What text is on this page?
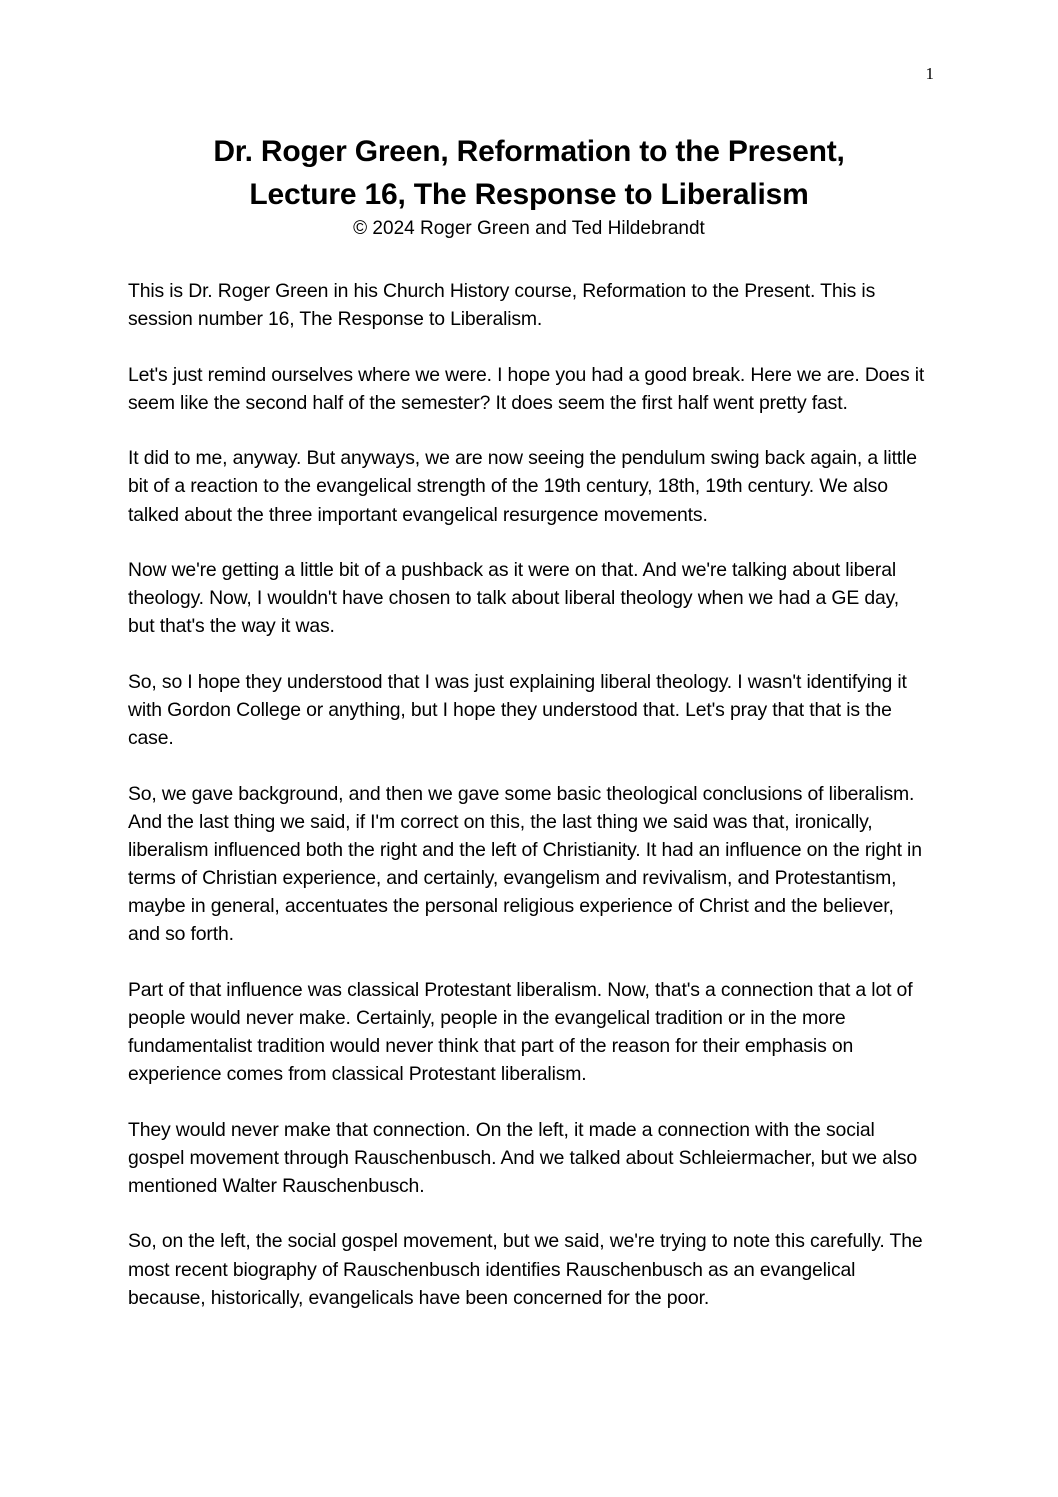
1
Dr. Roger Green, Reformation to the Present,
Lecture 16, The Response to Liberalism
© 2024 Roger Green and Ted Hildebrandt

This is Dr. Roger Green in his Church History course, Reformation to the Present. This is session number 16, The Response to Liberalism.

Let's just remind ourselves where we were. I hope you had a good break. Here we are. Does it seem like the second half of the semester? It does seem the first half went pretty fast.

It did to me, anyway. But anyways, we are now seeing the pendulum swing back again, a little bit of a reaction to the evangelical strength of the 19th century, 18th, 19th century. We also talked about the three important evangelical resurgence movements.

Now we're getting a little bit of a pushback as it were on that. And we're talking about liberal theology. Now, I wouldn't have chosen to talk about liberal theology when we had a GE day, but that's the way it was.

So, so I hope they understood that I was just explaining liberal theology. I wasn't identifying it with Gordon College or anything, but I hope they understood that. Let's pray that that is the case.

So, we gave background, and then we gave some basic theological conclusions of liberalism. And the last thing we said, if I'm correct on this, the last thing we said was that, ironically, liberalism influenced both the right and the left of Christianity. It had an influence on the right in terms of Christian experience, and certainly, evangelism and revivalism, and Protestantism, maybe in general, accentuates the personal religious experience of Christ and the believer, and so forth.

Part of that influence was classical Protestant liberalism. Now, that's a connection that a lot of people would never make. Certainly, people in the evangelical tradition or in the more fundamentalist tradition would never think that part of the reason for their emphasis on experience comes from classical Protestant liberalism.

They would never make that connection. On the left, it made a connection with the social gospel movement through Rauschenbusch. And we talked about Schleiermacher, but we also mentioned Walter Rauschenbusch.

So, on the left, the social gospel movement, but we said, we're trying to note this carefully. The most recent biography of Rauschenbusch identifies Rauschenbusch as an evangelical because, historically, evangelicals have been concerned for the poor.
